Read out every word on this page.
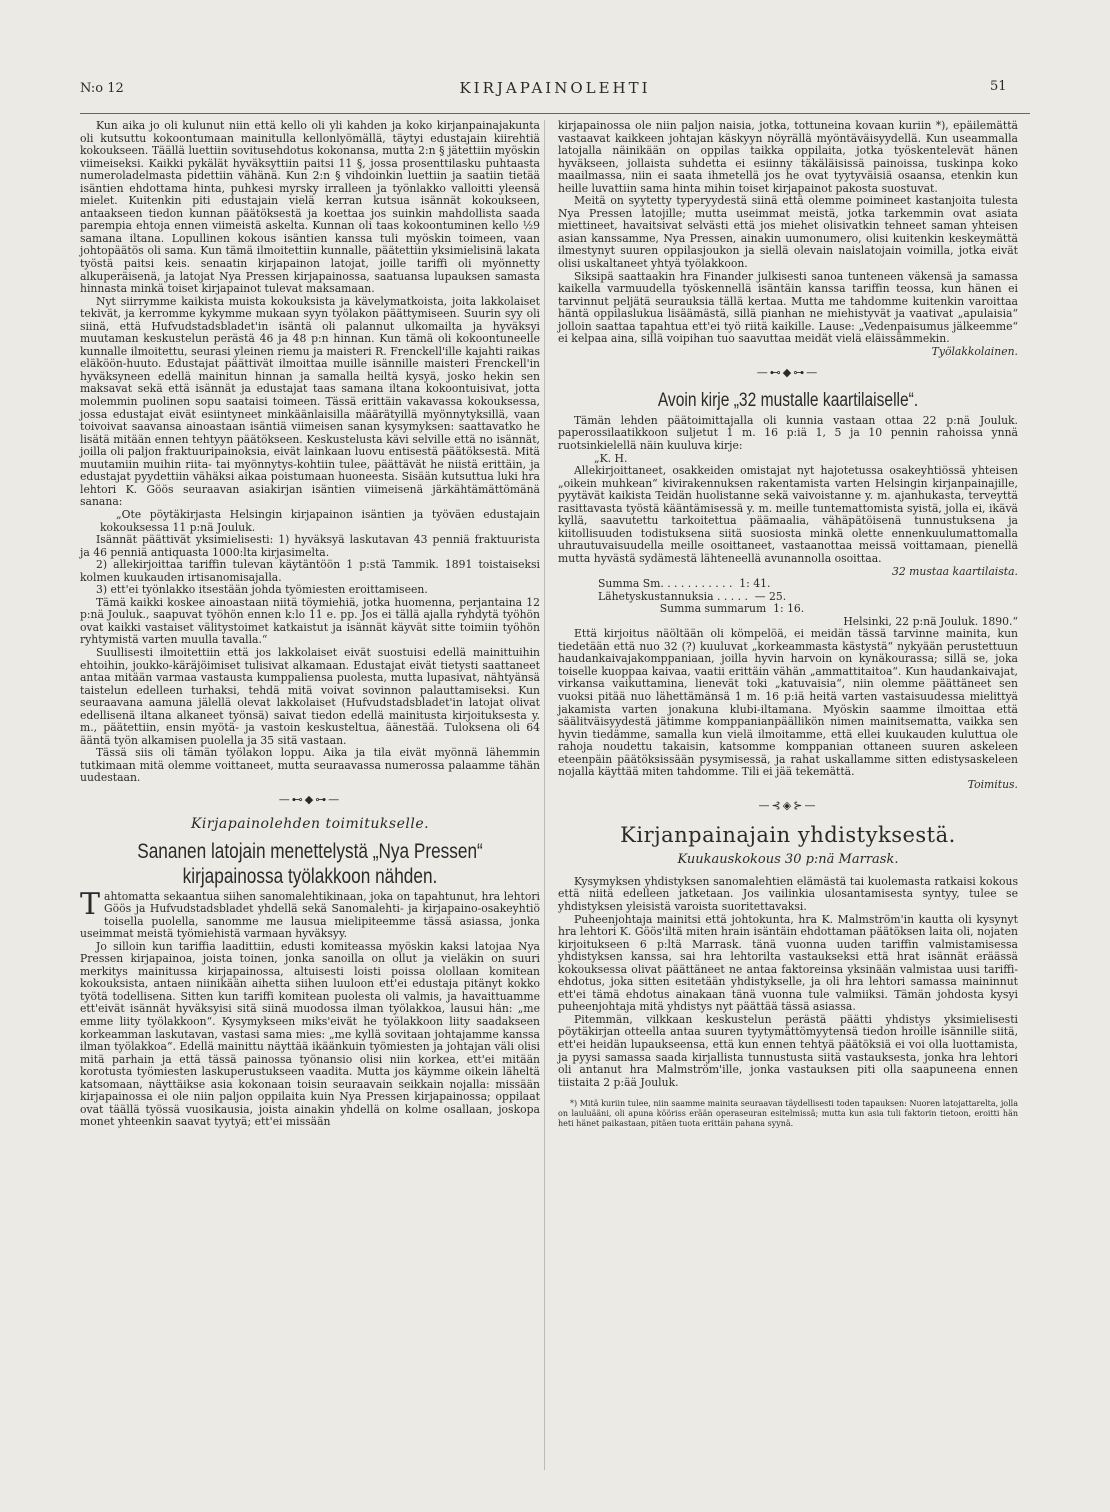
N:o 12	KIRJAPAINOLEHTI	51

Kun aika jo oli kulunut niin että kello oli yli kahden ja koko kirjanpainajakunta oli kutsuttu kokoontumaan mainitulla kellonlyömällä, täytyi edustajain kiirehtiä kokoukseen. Täällä luettiin sovitusehdotus kokonansa, mutta 2:n § jätettiin myöskin viimeiseksi. Kaikki pykälät hyväksyttiin paitsi 11 §, jossa prosenttilasku puhtaasta numeroladelmasta pidettiin vähänä. Kun 2:n § vihdoinkin luettiin ja saatiin tietää isäntien ehdottama hinta, puhkesi myrsky irralleen ja työnlakko valloitti yleensä mielet. Kuitenkin piti edustajain vielä kerran kutsua isännät kokoukseen, antaakseen tiedon kunnan päätöksestä ja koettaa jos suinkin mahdollista saada parempia ehtoja ennen viimeistä askelta. Kunnan oli taas kokoontuminen kello ½9 samana iltana. Lopullinen kokous isäntien kanssa tuli myöskin toimeen, vaan johtopäätös oli sama. Kun tämä ilmoitettiin kunnalle, päätettiin yksimielisinä lakata työstä paitsi keis. senaatin kirjapainon latojat, joille tariffi oli myönnetty alkuperäisenä, ja latojat Nya Pressen kirjapainossa, saatuansa lupauksen samasta hinnasta minkä toiset kirjapainot tulevat maksamaan.

Nyt siirrymme kaikista muista kokouksista ja kävelymatkoista, joita lakkolaiset tekivät, ja kerromme kykymme mukaan syyn työlakon päättymiseen. Suurin syy oli siinä, että Hufvudstadsbladet'in isäntä oli palannut ulkomailta ja hyväksyi muutaman keskustelun perästä 46 ja 48 p:n hinnan. Kun tämä oli kokoontuneelle kunnalle ilmoitettu, seurasi yleinen riemu ja maisteri R. Frenckell'ille kajahti raikas eläköön-huuto. Edustajat päättivät ilmoittaa muille isännille maisteri Frenckell'in hyväksyneen edellä mainitun hinnan ja samalla heiltä kysyä, josko hekin sen maksavat sekä että isännät ja edustajat taas samana iltana kokoontuisivat, jotta molemmin puolinen sopu saataisi toimeen. Tässä erittäin vakavassa kokouksessa, jossa edustajat eivät esiintyneet minkäänlaisilla määrätyillä myönnytyksillä, vaan toivoivat saavansa ainoastaan isäntiä viimeisen sanan kysymyksen: saattavatko he lisätä mitään ennen tehtyyn päätökseen. Keskustelusta kävi selville että no isännät, joilla oli paljon fraktuuripainoksia, eivät lainkaan luovu entisestä päätöksestä. Mitä muutamiin muihin riita- tai myönnytys-kohtiin tulee, päättävät he niistä erittäin, ja edustajat pyydettiin vähäksi aikaa poistumaan huoneesta. Sisään kutsuttua luki hra lehtori K. Göös seuraavan asiakirjan isäntien viimeisenä järkähtämättömänä sanana:

„Ote pöytäkirjasta Helsingin kirjapainon isäntien ja työväen edustajain kokouksessa 11 p:nä Jouluk.

Isännät päättivät yksimielisesti: 1) hyväksyä laskutavan 43 penniä fraktuurista ja 46 penniä antiquasta 1000:lta kirjasimelta.

2) allekirjoittaa tariffin tulevan käytäntöön 1 p:stä Tammik. 1891 toistaiseksi kolmen kuukauden irtisanomisajalla.

3) ett'ei työnlakko itsestään johda työmiesten eroittamiseen.

Tämä kaikki koskee ainoastaan niitä töymiehiä, jotka huomenna, perjantaina 12 p:nä Jouluk., saapuvat työhön ennen k:lo 11 e. pp. Jos ei tällä ajalla ryhdytä työhön ovat kaikki vastaiset välitystoimet katkaistut ja isännät käyvät sitte toimiin työhön ryhtymistä varten muulla tavalla.“

Suullisesti ilmoitettiin että jos lakkolaiset eivät suostuisi edellä mainittuihin ehtoihin, joukko-käräjöimiset tulisivat alkamaan. Edustajat eivät tietysti saattaneet antaa mitään varmaa vastausta kumppaliensa puolesta, mutta lupasivat, nähtyänsä taistelun edelleen turhaksi, tehdä mitä voivat sovinnon palauttamiseksi. Kun seuraavana aamuna jälellä olevat lakkolaiset (Hufvudstadsbladet'in latojat olivat edellisenä iltana alkaneet työnsä) saivat tiedon edellä mainitusta kirjoituksesta y. m., päätettiin, ensin myötä- ja vastoin keskusteltua, äänestää. Tuloksena oli 64 ääntä työn alkamisen puolella ja 35 sitä vastaan.

Tässä siis oli tämän työlakon loppu. Aika ja tila eivät myönnä lähemmin tutkimaan mitä olemme voittaneet, mutta seuraavassa numerossa palaamme tähän uudestaan.

—⊷◆⊶—
Kirjapainolehden toimitukselle.
Sananen latojain menettelystä „Nya Pressen“
kirjapainossa työlakkoon nähden.

Tahtomatta sekaantua siihen sanomalehtikinaan, joka on tapahtunut, hra lehtori Göös ja Hufvudstadsbladet yhdellä sekä Sanomalehti- ja kirjapaino-osakeyhtiö toisella puolella, sanomme me lausua mielipiteemme tässä asiassa, jonka useimmat meistä työmiehistä varmaan hyväksyy.

Jo silloin kun tariffia laadittiin, edusti komiteassa myöskin kaksi latojaa Nya Pressen kirjapainoa, joista toinen, jonka sanoilla on ollut ja vieläkin on suuri merkitys mainitussa kirjapainossa, altuisesti loisti poissa olollaan komitean kokouksista, antaen niinikään aihetta siihen luuloon ett'ei edustaja pitänyt kokko työtä todellisena. Sitten kun tariffi komitean puolesta oli valmis, ja havaittuamme ett'eivät isännät hyväksyisi sitä siinä muodossa ilman työlakkoa, lausui hän: „me emme liity työlakkoon“. Kysymykseen miks'eivät he työlakkoon liity saadakseen korkeamman laskutavan, vastasi sama mies: „me kyllä sovitaan johtajamme kanssa ilman työlakkoa“. Edellä mainittu näyttää ikäänkuin työmiesten ja johtajan väli olisi mitä parhain ja että tässä painossa työnansio olisi niin korkea, ett'ei mitään korotusta työmiesten laskuperustukseen vaadita. Mutta jos käymme oikein läheltä katsomaan, näyttäikse asia kokonaan toisin seuraavain seikkain nojalla: missään kirjapainossa ei ole niin paljon oppilaita kuin Nya Pressen kirjapainossa; oppilaat ovat täällä työssä vuosikausia, joista ainakin yhdellä on kolme osallaan, joskopa monet yhteenkin saavat tyytyä; ett'ei missään

kirjapainossa ole niin paljon naisia, jotka, tottuneina kovaan kuriin *), epäilemättä vastaavat kaikkeen johtajan käskyyn nöyrällä myöntäväisyydellä. Kun useammalla latojalla näinikään on oppilas taikka oppilaita, jotka työskentelevät hänen hyväkseen, jollaista suhdetta ei esiinny täkäläisissä painoissa, tuskinpa koko maailmassa, niin ei saata ihmetellä jos he ovat tyytyväisiä osaansa, etenkin kun heille luvattiin sama hinta mihin toiset kirjapainot pakosta suostuvat.

Meitä on syytetty typeryydestä siinä että olemme poimineet kastanjoita tulesta Nya Pressen latojille; mutta useimmat meistä, jotka tarkemmin ovat asiata miettineet, havaitsivat selvästi että jos miehet olisivatkin tehneet saman yhteisen asian kanssamme, Nya Pressen, ainakin uumonumero, olisi kuitenkin keskeymättä ilmestynyt suuren oppilasjoukon ja siellä olevain naislatojain voimilla, jotka eivät olisi uskaltaneet yhtyä työlakkoon.

Siksipä saattaakin hra Finander julkisesti sanoa tunteneen väkensä ja samassa kaikella varmuudella työskennellä isäntäin kanssa tariffin teossa, kun hänen ei tarvinnut peljätä seurauksia tällä kertaa. Mutta me tahdomme kuitenkin varoittaa häntä oppilaslukua lisäämästä, sillä pianhan ne miehistyvät ja vaativat „apulaisia“ jolloin saattaa tapahtua ett'ei työ riitä kaikille. Lause: „Vedenpaisumus jälkeemme“ ei kelpaa aina, sillä voipihan tuo saavuttaa meidät vielä eläissämmekin.

Työlakkolainen.
—⊷◆⊶—
Avoin kirje „32 mustalle kaartilaiselle“.

Tämän lehden päätoimittajalla oli kunnia vastaan ottaa 22 p:nä Jouluk. paperossilaatikkoon suljetut 1 m. 16 p:iä 1, 5 ja 10 pennin rahoissa ynnä ruotsinkielellä näin kuuluva kirje:

„K. H.

Allekirjoittaneet, osakkeiden omistajat nyt hajotetussa osakeyhtiössä yhteisen „oikein muhkean“ kivirakennuksen rakentamista varten Helsingin kirjanpainajille, pyytävät kaikista Teidän huolistanne sekä vaivoistanne y. m. ajanhukasta, terveyttä rasittavasta työstä kääntämisessä y. m. meille tuntemattomista syistä, jolla ei, ikävä kyllä, saavutettu tarkoitettua päämaalia, vähäpätöisenä tunnustuksena ja kiitollisuuden todistuksena siitä suosiosta minkä olette ennenkuulumattomalla uhrautuvaisuudella meille osoittaneet, vastaanottaa meissä voittamaan, pienellä mutta hyvästä sydämestä lähteneellä avunannolla osoittaa.

32 mustaa kaartilaista.
Summa Sm. . . . . . . . . . . 1: 41.
Lähetyskustannuksia . . . . . — 25.
Summa summarum 1: 16.
Helsinki, 22 p:nä Jouluk. 1890.“

Että kirjoitus näöltään oli kömpelöä, ei meidän tässä tarvinne mainita, kun tiedetään että nuo 32 (?) kuuluvat „korkeammasta kästystä“ nykyään perustettuun haudankaivajakomppaniaan, joilla hyvin harvoin on kynäkourassa; sillä se, joka toiselle kuoppaa kaivaa, vaatii erittäin vähän „ammattitaitoa“. Kun haudankaivajat, virkansa vaikuttamina, lienevät toki „katuvaisia“, niin olemme päättäneet sen vuoksi pitää nuo lähettämänsä 1 m. 16 p:iä heitä varten vastaisuudessa mielittyä jakamista varten jonakuna klubi-iltamana. Myöskin saamme ilmoittaa että säälitväisyydestä jätimme komppanianpäällikön nimen mainitsematta, vaikka sen hyvin tiedämme, samalla kun vielä ilmoitamme, että ellei kuukauden kuluttua ole rahoja noudettu takaisin, katsomme komppanian ottaneen suuren askeleen eteenpäin päätöksissään pysymisessä, ja rahat uskallamme sitten edistysaskeleen nojalla käyttää miten tahdomme. Tili ei jää tekemättä.

Toimitus.
—⊰◈⊱—
Kirjanpainajain yhdistyksestä.
Kuukauskokous 30 p:nä Marrask.

Kysymyksen yhdistyksen sanomalehtien elämästä tai kuolemasta ratkaisi kokous että niitä edelleen jatketaan. Jos vailinkia ulosantamisesta syntyy, tulee se yhdistyksen yleisistä varoista suoritettavaksi.

Puheenjohtaja mainitsi että johtokunta, hra K. Malmström'in kautta oli kysynyt hra lehtori K. Göös'iltä miten hrain isäntäin ehdottaman päätöksen laita oli, nojaten kirjoitukseen 6 p:ltä Marrask. tänä vuonna uuden tariffin valmistamisessa yhdistyksen kanssa, sai hra lehtorilta vastaukseksi että hrat isännät eräässä kokouksessa olivat päättäneet ne antaa faktoreinsa yksinään valmistaa uusi tariffi-ehdotus, joka sitten esitetään yhdistykselle, ja oli hra lehtori samassa maininnut ett'ei tämä ehdotus ainakaan tänä vuonna tule valmiiksi. Tämän johdosta kysyi puheenjohtaja mitä yhdistys nyt päättää tässä asiassa.

Pitemmän, vilkkaan keskustelun perästä päätti yhdistys yksimielisesti pöytäkirjan otteella antaa suuren tyytymättömyytensä tiedon hroille isännille siitä, ett'ei heidän lupaukseensa, että kun ennen tehtyä päätöksiä ei voi olla luottamista, ja pyysi samassa saada kirjallista tunnustusta siitä vastauksesta, jonka hra lehtori oli antanut hra Malmström'ille, jonka vastauksen piti olla saapuneena ennen tiistaita 2 p:ää Jouluk.

*) Mitä kuriin tulee, niin saamme mainita seuraavan täydellisesti toden tapauksen: Nuoren latojattarelta, jolla on lauluääni, oli apuna kööriss erään operaseuran esitelmissä; mutta kun asia tuli faktorin tietoon, eroitti hän heti hänet paikastaan, pitäen tuota erittäin pahana syynä.
